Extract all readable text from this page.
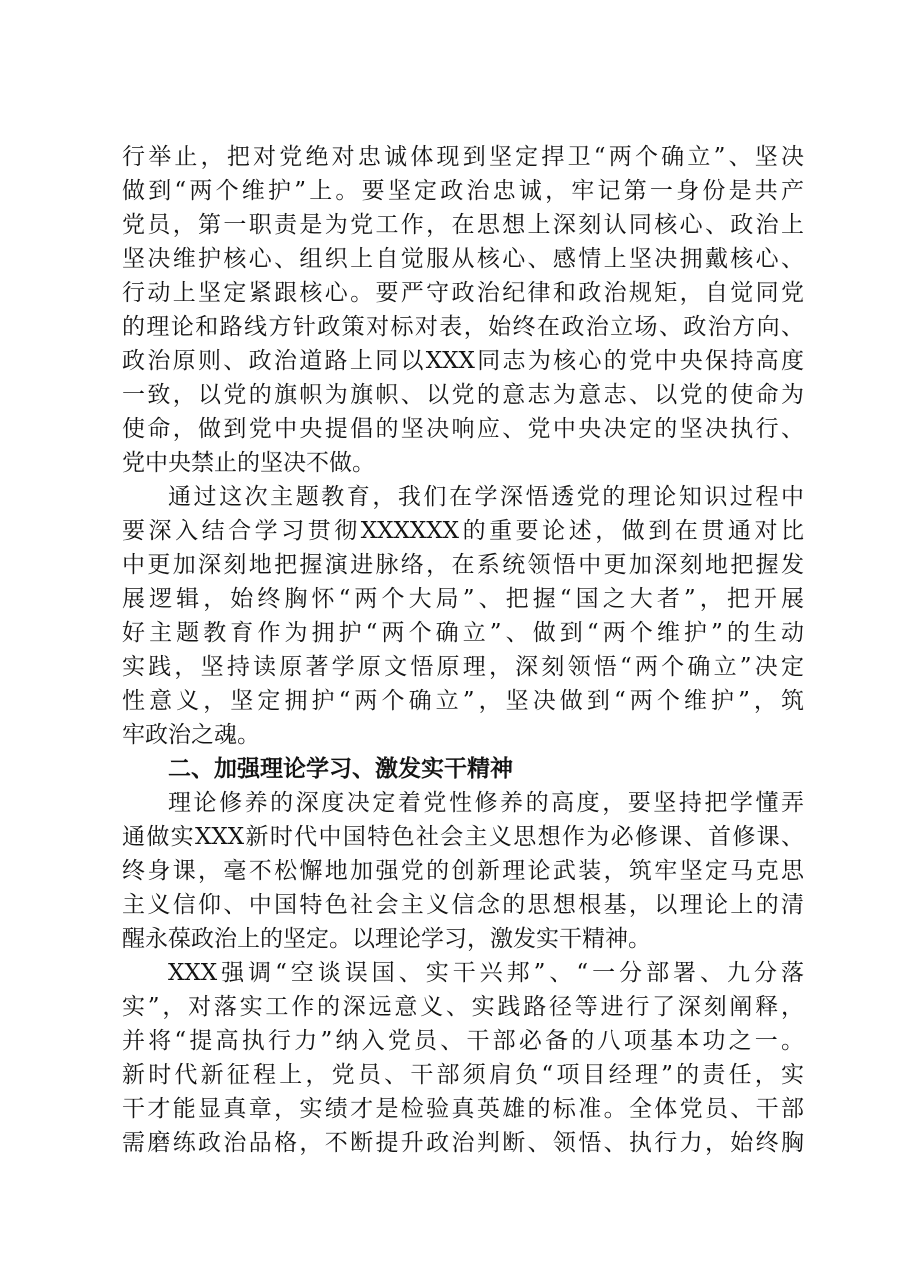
行举止，把对党绝对忠诚体现到坚定捍卫“两个确立”、坚决
做到“两个维护”上。要坚定政治忠诚，牢记第一身份是共产
党员，第一职责是为党工作，在思想上深刻认同核心、政治上
坚决维护核心、组织上自觉服从核心、感情上坚决拥戴核心、
行动上坚定紧跟核心。要严守政治纪律和政治规矩，自觉同党
的理论和路线方针政策对标对表，始终在政治立场、政治方向、
政治原则、政治道路上同以XXX同志为核心的党中央保持高度
一致，以党的旗帜为旗帜、以党的意志为意志、以党的使命为
使命，做到党中央提倡的坚决响应、党中央决定的坚决执行、
党中央禁止的坚决不做。
通过这次主题教育，我们在学深悟透党的理论知识过程中
要深入结合学习贯彻XXXXXX的重要论述，做到在贯通对比
中更加深刻地把握演进脉络，在系统领悟中更加深刻地把握发
展逻辑，始终胸怀“两个大局”、把握“国之大者”，把开展
好主题教育作为拥护“两个确立”、做到“两个维护”的生动
实践，坚持读原著学原文悟原理，深刻领悟“两个确立”决定
性意义，坚定拥护“两个确立”，坚决做到“两个维护”，筑
牢政治之魂。
二、加强理论学习、激发实干精神
理论修养的深度决定着党性修养的高度，要坚持把学懂弄
通做实XXX新时代中国特色社会主义思想作为必修课、首修课、
终身课，毫不松懈地加强党的创新理论武装，筑牢坚定马克思
主义信仰、中国特色社会主义信念的思想根基，以理论上的清
醒永葆政治上的坚定。以理论学习，激发实干精神。
XXX强调“空谈误国、实干兴邦”、“一分部署、九分落
实”，对落实工作的深远意义、实践路径等进行了深刻阐释，
并将“提高执行力”纳入党员、干部必备的八项基本功之一。
新时代新征程上，党员、干部须肩负“项目经理”的责任，实
干才能显真章，实绩才是检验真英雄的标准。全体党员、干部
需磨练政治品格，不断提升政治判断、领悟、执行力，始终胸
